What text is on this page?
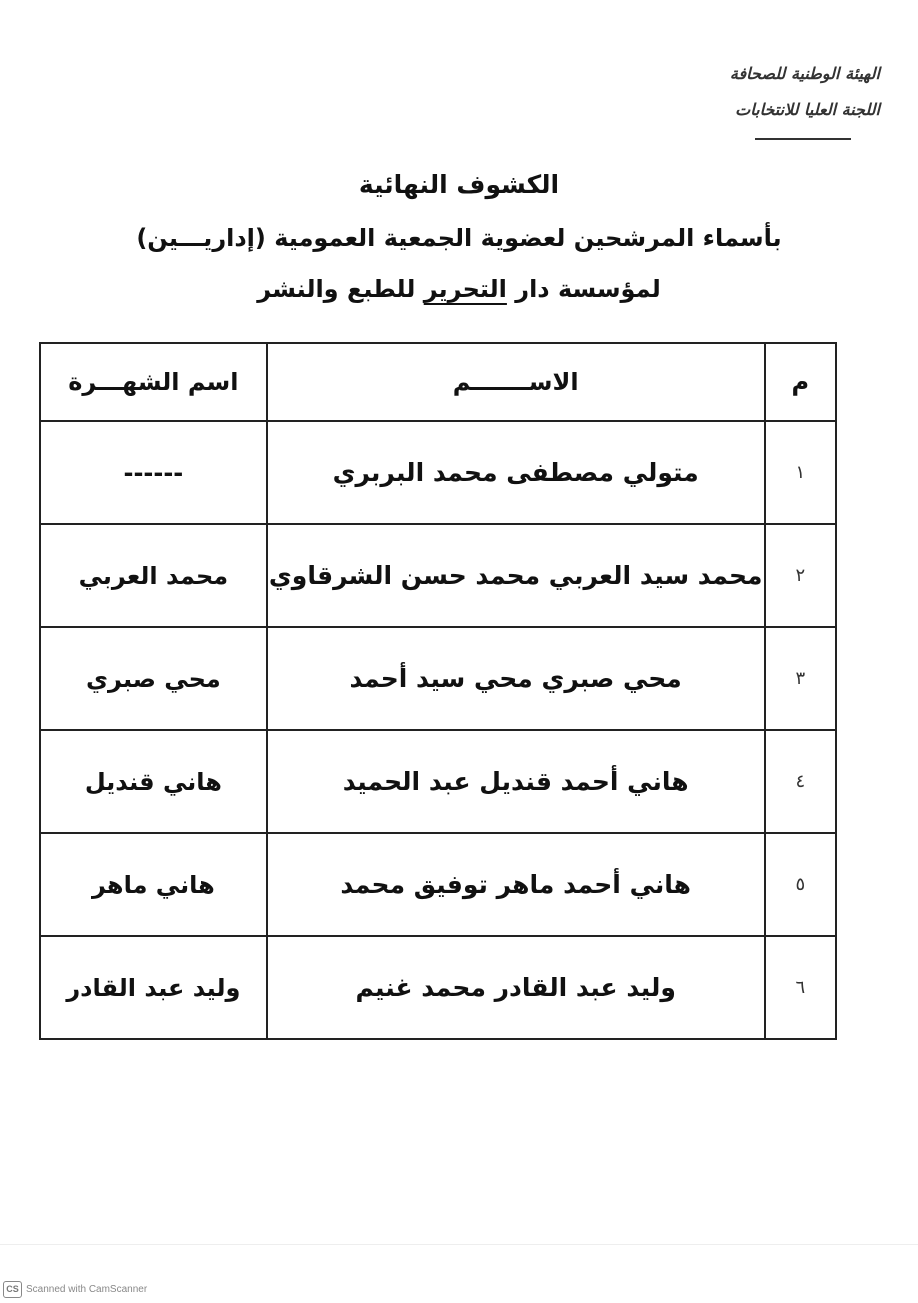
الهيئة الوطنية للصحافة
اللجنة العليا للانتخابات
الكشوف النهائية
بأسماء المرشحين لعضوية الجمعية العمومية (إداريـــين)
لمؤسسة دار التحرير للطبع والنشر
م	الاســـــــم	اسم الشهـــرة
١	متولي مصطفى محمد البربري	------
٢	محمد سيد العربي محمد حسن الشرقاوي	محمد العربي
٣	محي صبري محي سيد أحمد	محي صبري
٤	هاني أحمد قنديل عبد الحميد	هاني قنديل
٥	هاني أحمد ماهر توفيق محمد	هاني ماهر
٦	وليد عبد القادر محمد غنيم	وليد عبد القادر
CS Scanned with CamScanner
